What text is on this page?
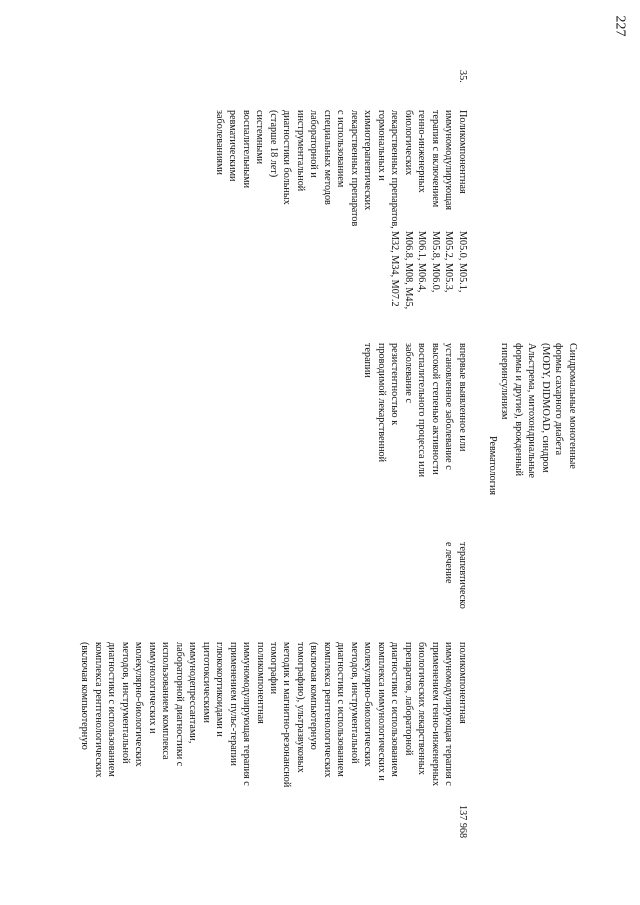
227
35.
Поликомпонентная
иммуномодулирующая
терапия с включением
генно-инженерных
биологических
лекарственных препаратов,
гормональных и
химиотерапевтических
лекарственных препаратов
с использованием
специальных методов
лабораторной и
инструментальной
диагностики больных
(старше 18 лет)
системными
воспалительными
ревматическими
заболеваниями
M05.0, M05.1,
M05.2, M05.3,
M05.8, M06.0,
M06.1, M06.4,
M06.8, M08, M45,
M32, M34, M07.2
Синдромальные моногенные
формы сахарного диабета
(MODY, DIDMOAD, синдром
Альстрема, митохондриальные
формы и другие), врожденный
гиперинсулинизм
Ревматология
впервые выявленное или
установленное заболевание с
высокой степенью активности
воспалительного процесса или
заболевание с
резистентностью к
проводимой лекарственной
терапии
терапевтическо
е лечение
поликомпонентная
иммуномодулирующая терапия с
применением генно-инженерных
биологических лекарственных
препаратов, лабораторной
диагностики с использованием
комплекса иммунологических и
молекулярно-биологических
методов, инструментальной
диагностики с использованием
комплекса рентгенологических
(включая компьютерную
томографию), ультразвуковых
методик и магнитно-резонансной
томографии
поликомпонентная
иммуномодулирующая терапия с
применением пульс-терапии
глюкокортикоидами и
цитотоксическими
иммунодепрессантами,
лабораторной диагностики с
использованием комплекса
иммунологических и
молекулярно-биологических
методов, инструментальной
диагностики с использованием
комплекса рентгенологических
(включая компьютерную
137 968
